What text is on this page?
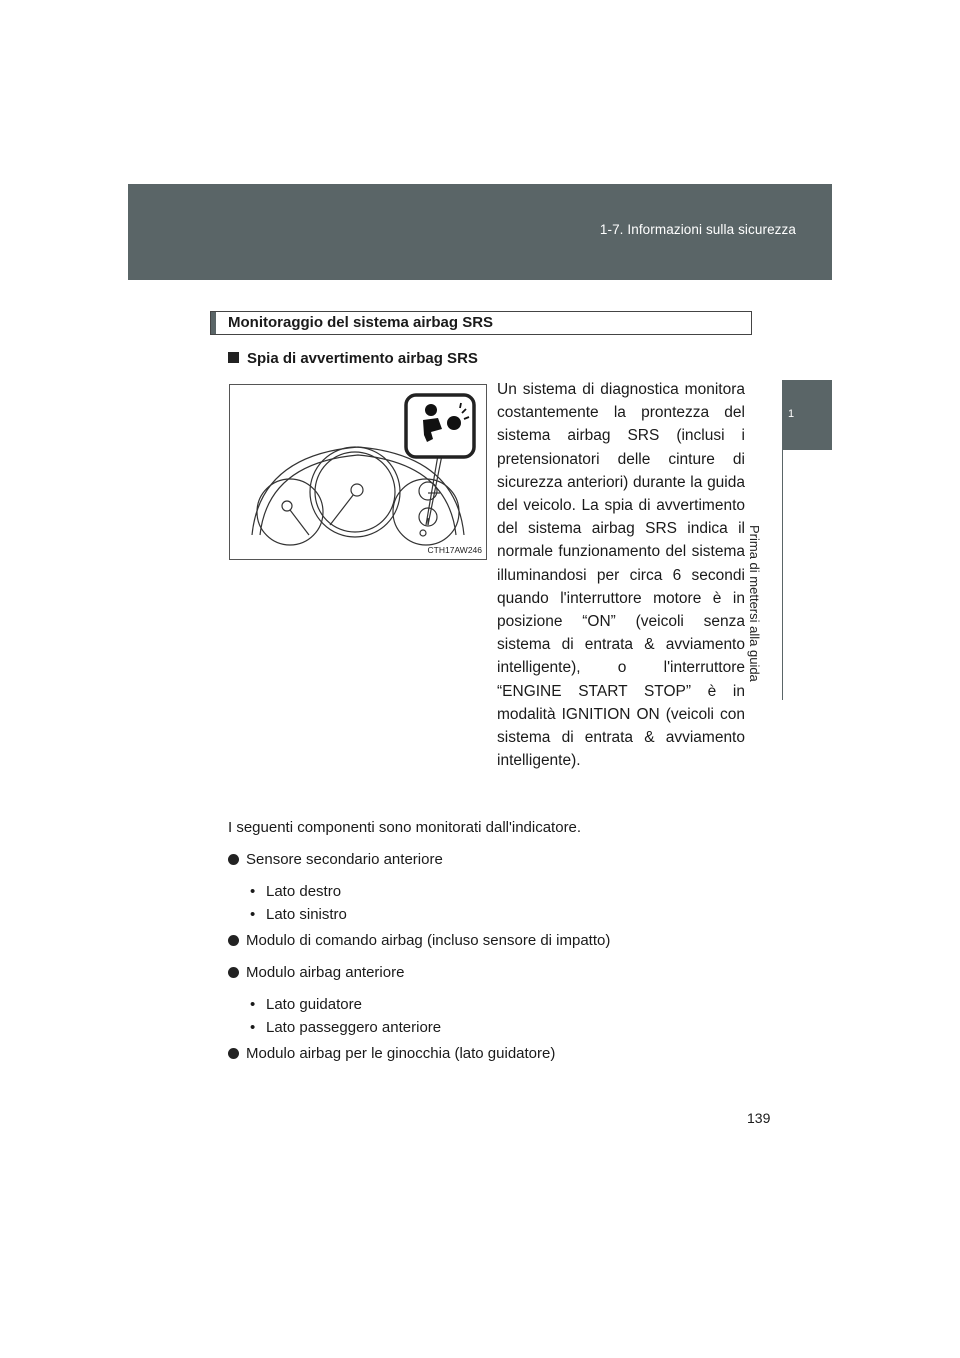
1-7. Informazioni sulla sicurezza
1
Prima di mettersi alla guida
Monitoraggio del sistema airbag SRS
Spia di avvertimento airbag SRS
CTH17AW246
Un sistema di diagnostica monitora costantemente la prontezza del sistema airbag SRS (inclusi i pretensionatori delle cinture di sicurezza anteriori) durante la guida del veicolo. La spia di avvertimento del sistema airbag SRS indica il normale funzionamento del sistema illuminandosi per circa 6 secondi quando l'interruttore motore è in posizione “ON” (veicoli senza sistema di entrata & avviamento intelligente), o l'interruttore “ENGINE START STOP” è in modalità IGNITION ON (veicoli con sistema di entrata & avviamento intelligente).
I seguenti componenti sono monitorati dall'indicatore.
Sensore secondario anteriore
• Lato destro
• Lato sinistro
Modulo di comando airbag (incluso sensore di impatto)
Modulo airbag anteriore
• Lato guidatore
• Lato passeggero anteriore
Modulo airbag per le ginocchia (lato guidatore)
139
